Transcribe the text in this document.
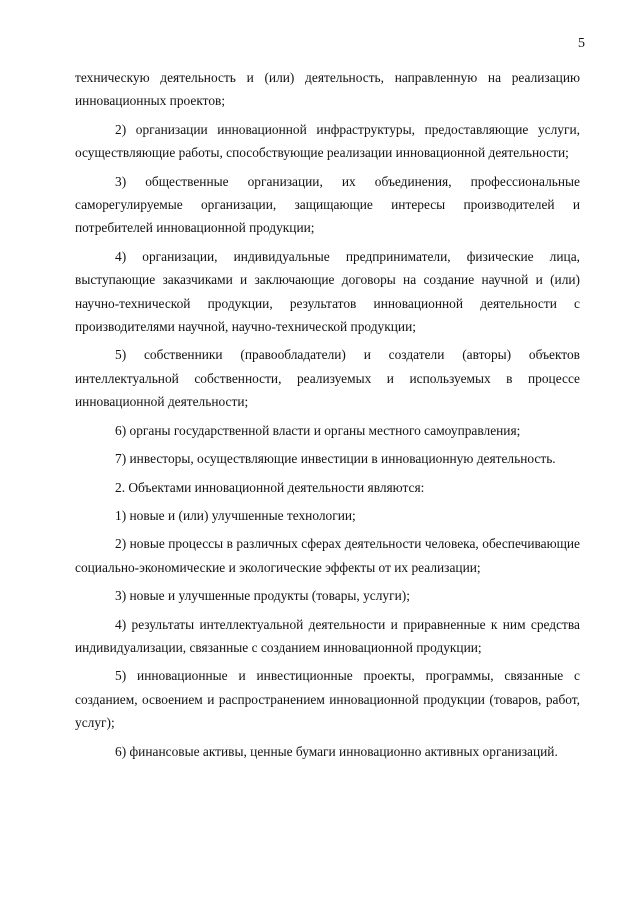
5

техническую деятельность и (или) деятельность, направленную на реализацию инновационных проектов;

2) организации инновационной инфраструктуры, предоставляющие услуги, осуществляющие работы, способствующие реализации инновационной деятельности;

3) общественные организации, их объединения, профессиональные саморегулируемые организации, защищающие интересы производителей и потребителей инновационной продукции;

4) организации, индивидуальные предприниматели, физические лица, выступающие заказчиками и заключающие договоры на создание научной и (или) научно-технической продукции, результатов инновационной деятельности с производителями научной, научно-технической продукции;

5) собственники (правообладатели) и создатели (авторы) объектов интеллектуальной собственности, реализуемых и используемых в процессе инновационной деятельности;

6) органы государственной власти и органы местного самоуправления;

7) инвесторы, осуществляющие инвестиции в инновационную деятельность.

2. Объектами инновационной деятельности являются:

1) новые и (или) улучшенные технологии;

2) новые процессы в различных сферах деятельности человека, обеспечивающие социально-экономические и экологические эффекты от их реализации;

3) новые и улучшенные продукты (товары, услуги);

4) результаты интеллектуальной деятельности и приравненные к ним средства индивидуализации, связанные с созданием инновационной продукции;

5) инновационные и инвестиционные проекты, программы, связанные с созданием, освоением и распространением инновационной продукции (товаров, работ, услуг);

6) финансовые активы, ценные бумаги инновационно активных организаций.
